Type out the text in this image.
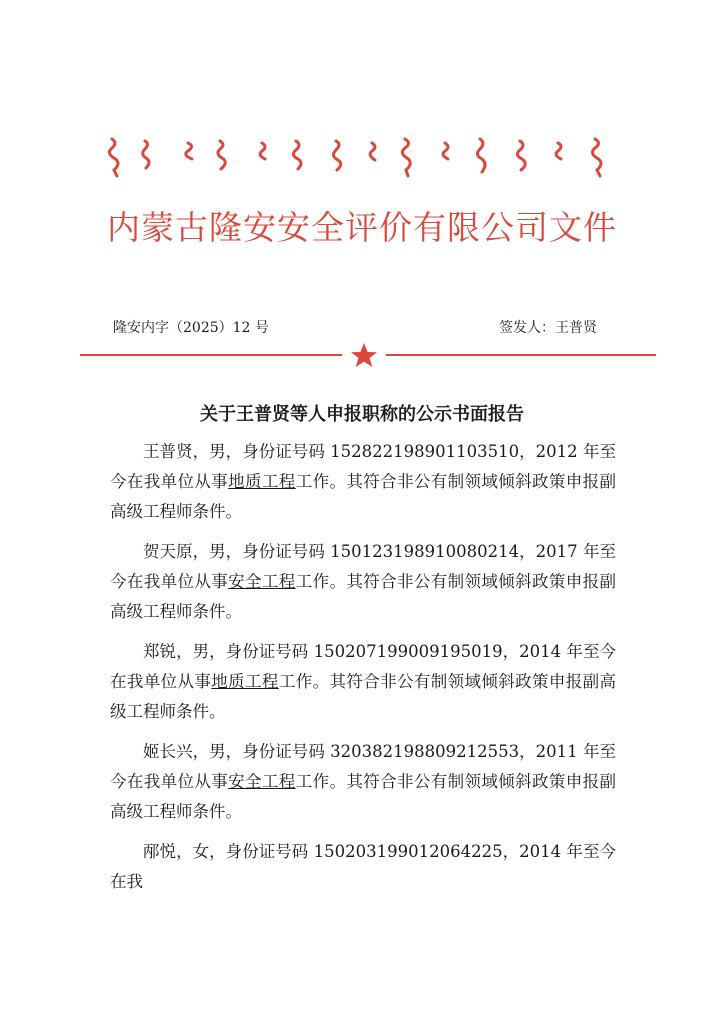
内蒙古隆安安全评价有限公司文件
隆安内字（2025）12 号	签发人：王普贤
关于王普贤等人申报职称的公示书面报告

王普贤，男，身份证号码 152822198901103510，2012 年至今在我单位从事地质工程工作。其符合非公有制领域倾斜政策申报副高级工程师条件。

贺天原，男，身份证号码 150123198910080214，2017 年至今在我单位从事安全工程工作。其符合非公有制领域倾斜政策申报副高级工程师条件。

郑锐，男，身份证号码 150207199009195019，2014 年至今在我单位从事地质工程工作。其符合非公有制领域倾斜政策申报副高级工程师条件。

姬长兴，男，身份证号码 320382198809212553，2011 年至今在我单位从事安全工程工作。其符合非公有制领域倾斜政策申报副高级工程师条件。

邴悦，女，身份证号码 150203199012064225，2014 年至今在我
